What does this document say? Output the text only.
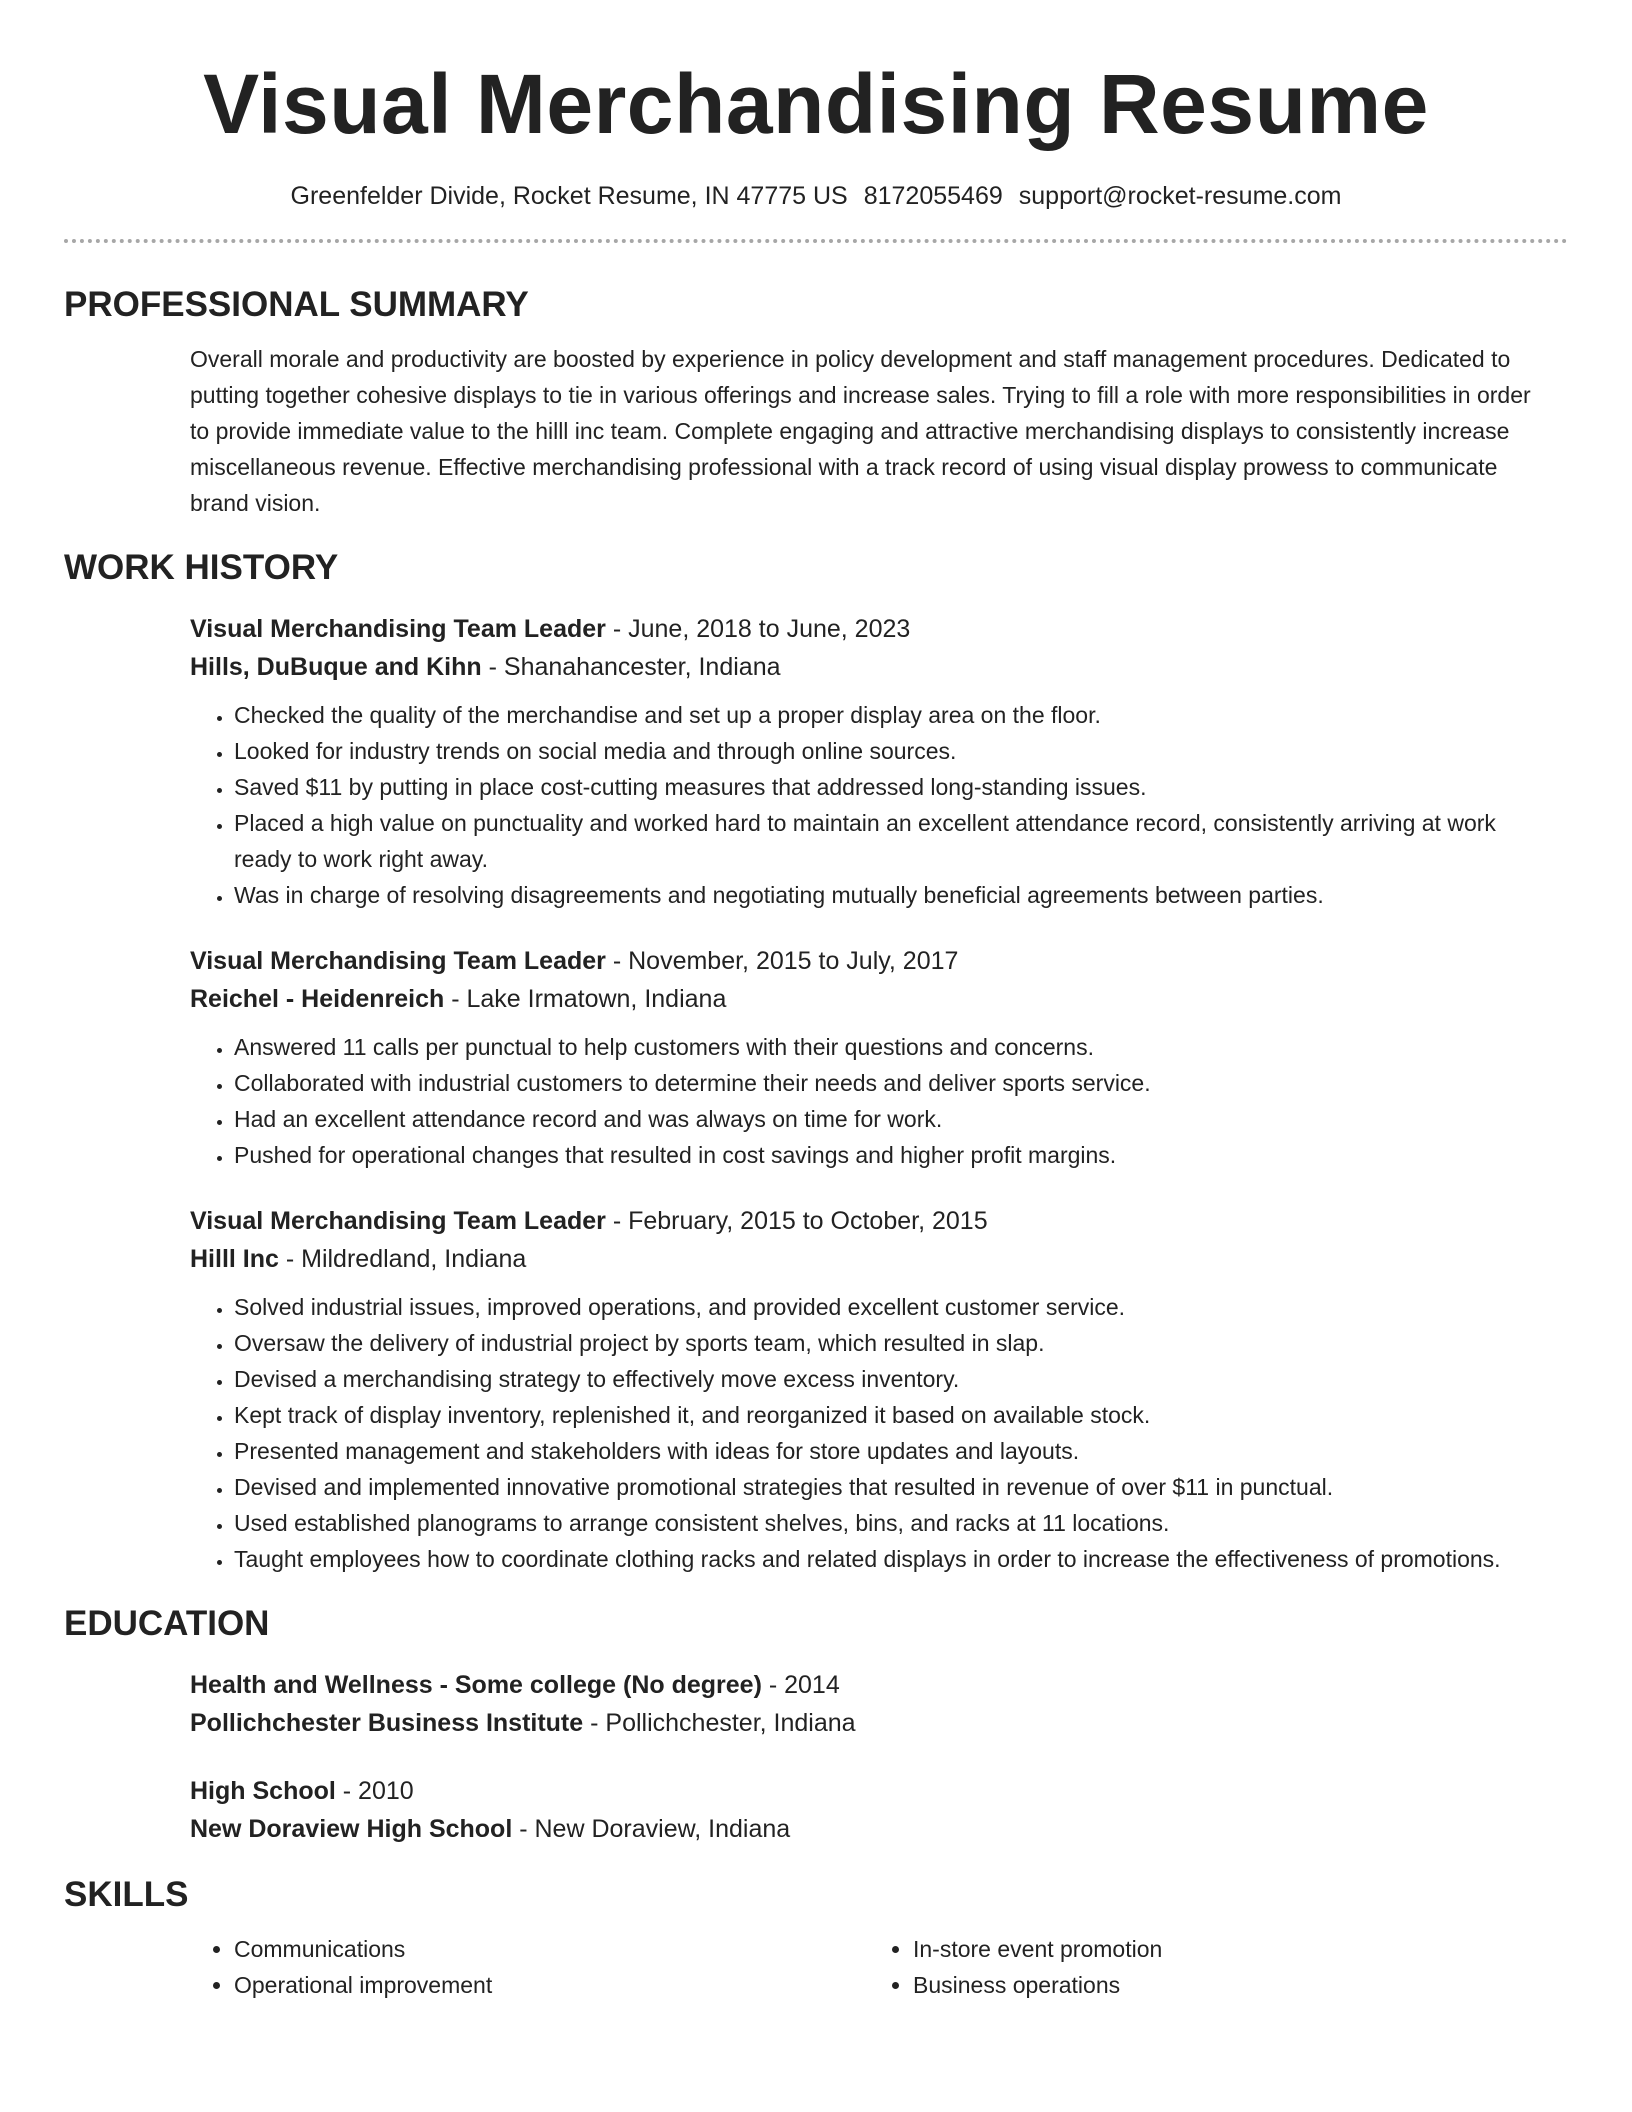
Visual Merchandising Resume
Greenfelder Divide, Rocket Resume, IN 47775 US 8172055469 support@rocket-resume.com
PROFESSIONAL SUMMARY

Overall morale and productivity are boosted by experience in policy development and staff management procedures. Dedicated to putting together cohesive displays to tie in various offerings and increase sales. Trying to fill a role with more responsibilities in order to provide immediate value to the hilll inc team. Complete engaging and attractive merchandising displays to consistently increase miscellaneous revenue. Effective merchandising professional with a track record of using visual display prowess to communicate brand vision.

WORK HISTORY

Visual Merchandising Team Leader - June, 2018 to June, 2023

Hills, DuBuque and Kihn - Shanahancester, Indiana

• Checked the quality of the merchandise and set up a proper display area on the floor.
• Looked for industry trends on social media and through online sources.
• Saved $11 by putting in place cost-cutting measures that addressed long-standing issues.
• Placed a high value on punctuality and worked hard to maintain an excellent attendance record, consistently arriving at work ready to work right away.
• Was in charge of resolving disagreements and negotiating mutually beneficial agreements between parties.

Visual Merchandising Team Leader - November, 2015 to July, 2017

Reichel - Heidenreich - Lake Irmatown, Indiana

• Answered 11 calls per punctual to help customers with their questions and concerns.
• Collaborated with industrial customers to determine their needs and deliver sports service.
• Had an excellent attendance record and was always on time for work.
• Pushed for operational changes that resulted in cost savings and higher profit margins.

Visual Merchandising Team Leader - February, 2015 to October, 2015

Hilll Inc - Mildredland, Indiana

• Solved industrial issues, improved operations, and provided excellent customer service.
• Oversaw the delivery of industrial project by sports team, which resulted in slap.
• Devised a merchandising strategy to effectively move excess inventory.
• Kept track of display inventory, replenished it, and reorganized it based on available stock.
• Presented management and stakeholders with ideas for store updates and layouts.
• Devised and implemented innovative promotional strategies that resulted in revenue of over $11 in punctual.
• Used established planograms to arrange consistent shelves, bins, and racks at 11 locations.
• Taught employees how to coordinate clothing racks and related displays in order to increase the effectiveness of promotions.
EDUCATION

Health and Wellness - Some college (No degree) - 2014

Pollichchester Business Institute - Pollichchester, Indiana

High School - 2010

New Doraview High School - New Doraview, Indiana

SKILLS
• Communications
• Operational improvement
• In-store event promotion
• Business operations
